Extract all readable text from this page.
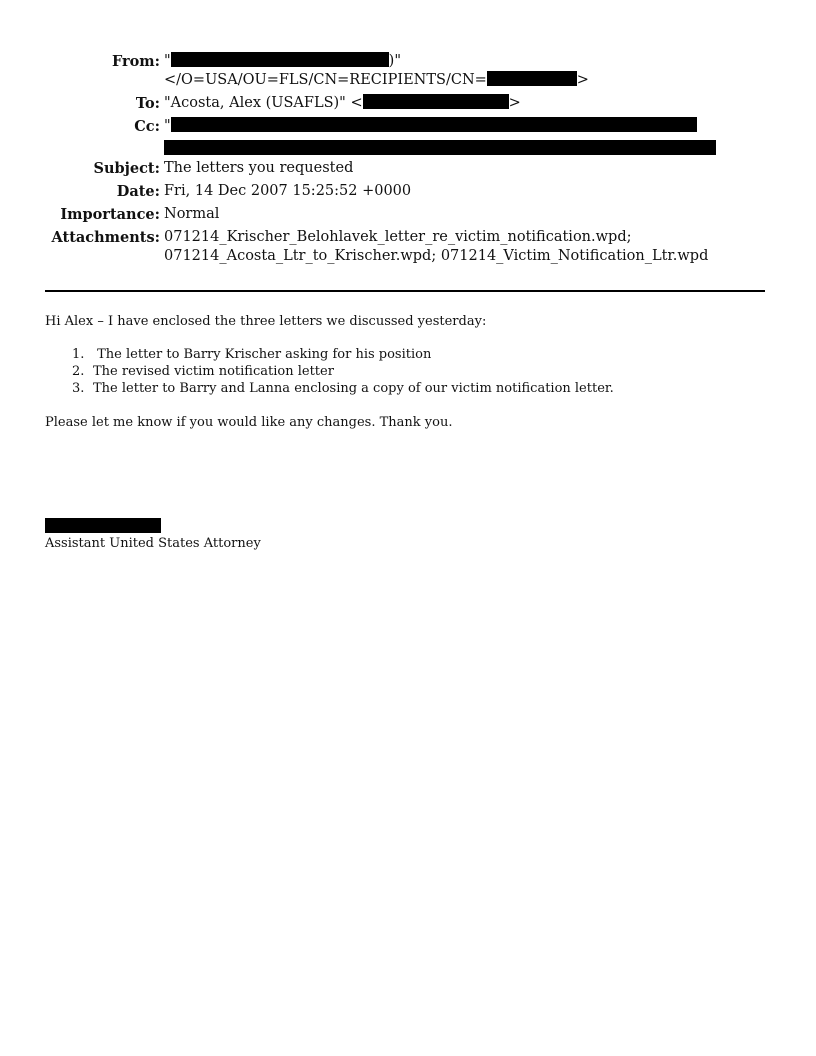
From: "	)"
</O=USA/OU=FLS/CN=RECIPIENTS/CN=	>
To: "Acosta, Alex (USAFLS)" <	>
Cc: "
Subject: The letters you requested
Date: Fri, 14 Dec 2007 15:25:52 +0000
Importance: Normal
Attachments: 071214_Krischer_Belohlavek_letter_re_victim_notification.wpd;
071214_Acosta_Ltr_to_Krischer.wpd; 071214_Victim_Notification_Ltr.wpd
Hi Alex – I have enclosed the three letters we discussed yesterday:
1. The letter to Barry Krischer asking for his position
2. The revised victim notification letter
3. The letter to Barry and Lanna enclosing a copy of our victim notification letter.
Please let me know if you would like any changes. Thank you.
Assistant United States Attorney
